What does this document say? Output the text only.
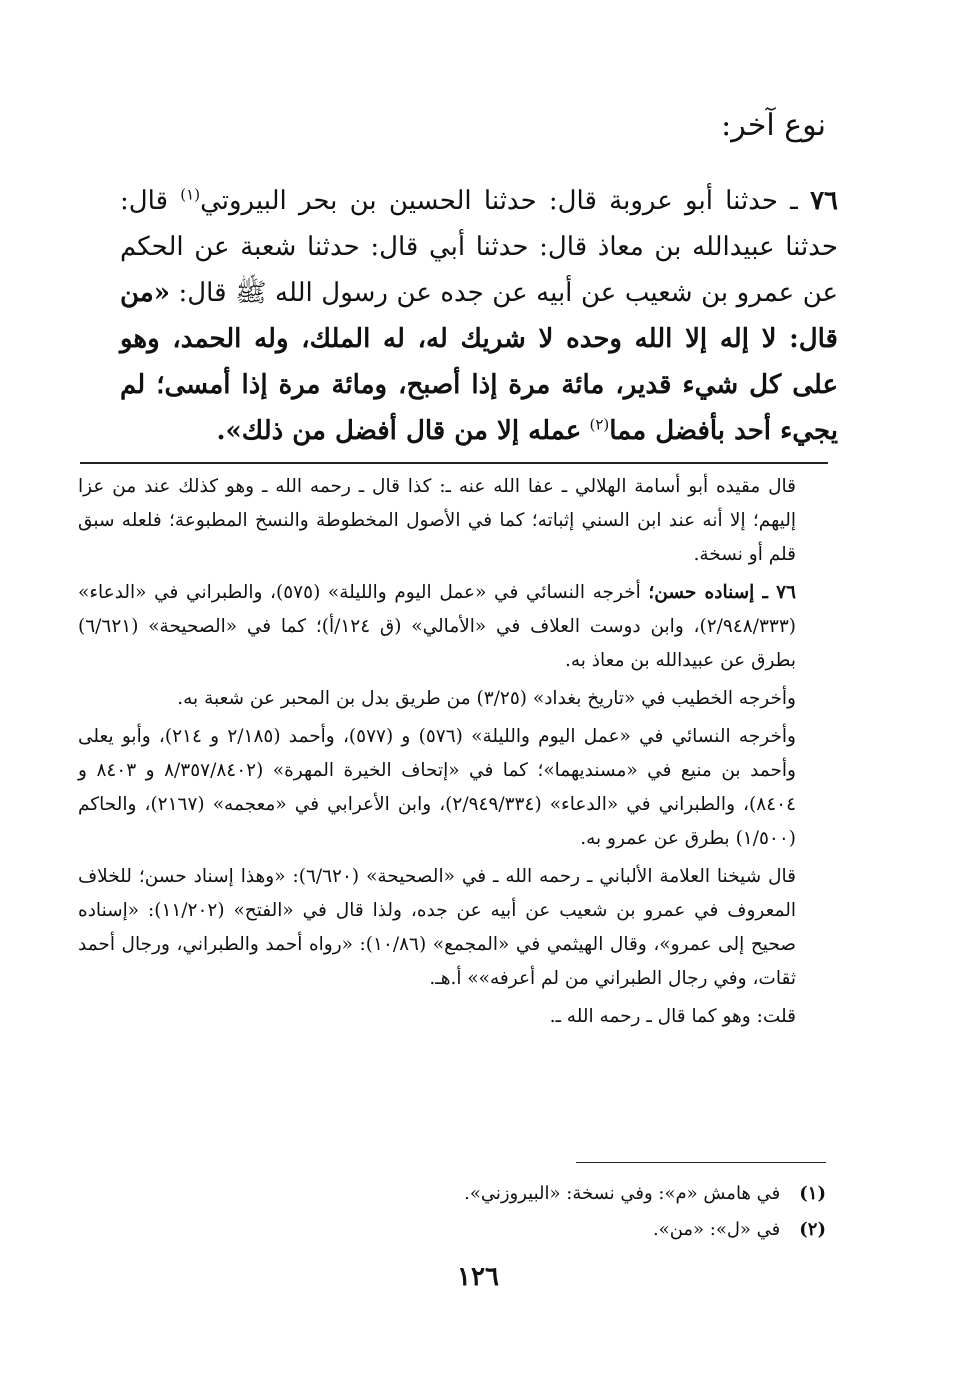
نوع آخر:

٧٦ ـ حدثنا أبو عروبة قال: حدثنا الحسين بن بحر البيروتي$^{(١)}$ قال: حدثنا عبيدالله بن معاذ قال: حدثنا أبي قال: حدثنا شعبة عن الحكم عن عمرو بن شعيب عن أبيه عن جده عن رسول الله ﷺ قال: «من قال: لا إله إلا الله وحده لا شريك له، له الملك، وله الحمد، وهو على كل شيء قدير، مائة مرة إذا أصبح، ومائة مرة إذا أمسى؛ لم يجيء أحد بأفضل مما$^{(٢)}$ عمله إلا من قال أفضل من ذلك».

قال مقيده أبو أسامة الهلالي ـ عفا الله عنه ـ: كذا قال ـ رحمه الله ـ وهو كذلك عند من عزا إليهم؛ إلا أنه عند ابن السني إثباته؛ كما في الأصول المخطوطة والنسخ المطبوعة؛ فلعله سبق قلم أو نسخة.

٧٦ ـ إسناده حسن؛ أخرجه النسائي في «عمل اليوم والليلة» (٥٧٥)، والطبراني في «الدعاء» (٢/٩٤٨/٣٣٣)، وابن دوست العلاف في «الأمالي» (ق ١٢٤/أ)؛ كما في «الصحيحة» (٦/٦٢١) بطرق عن عبيدالله بن معاذ به.

وأخرجه الخطيب في «تاريخ بغداد» (٣/٢٥) من طريق بدل بن المحبر عن شعبة به.

وأخرجه النسائي في «عمل اليوم والليلة» (٥٧٦) و (٥٧٧)، وأحمد (٢/١٨٥ و ٢١٤)، وأبو يعلى وأحمد بن منيع في «مسنديهما»؛ كما في «إتحاف الخيرة المهرة» (٨/٣٥٧/٨٤٠٢ و ٨٤٠٣ و ٨٤٠٤)، والطبراني في «الدعاء» (٢/٩٤٩/٣٣٤)، وابن الأعرابي في «معجمه» (٢١٦٧)، والحاكم (١/٥٠٠) بطرق عن عمرو به.

قال شيخنا العلامة الألباني ـ رحمه الله ـ في «الصحيحة» (٦/٦٢٠): «وهذا إسناد حسن؛ للخلاف المعروف في عمرو بن شعيب عن أبيه عن جده، ولذا قال في «الفتح» (١١/٢٠٢): «إسناده صحيح إلى عمرو»، وقال الهيثمي في «المجمع» (١٠/٨٦): «رواه أحمد والطبراني، ورجال أحمد ثقات، وفي رجال الطبراني من لم أعرفه»» أ.هـ.

قلت: وهو كما قال ـ رحمه الله ـ.

(١) في هامش «م»: وفي نسخة: «البيروزني».
(٢) في «ل»: «من».
١٢٦
